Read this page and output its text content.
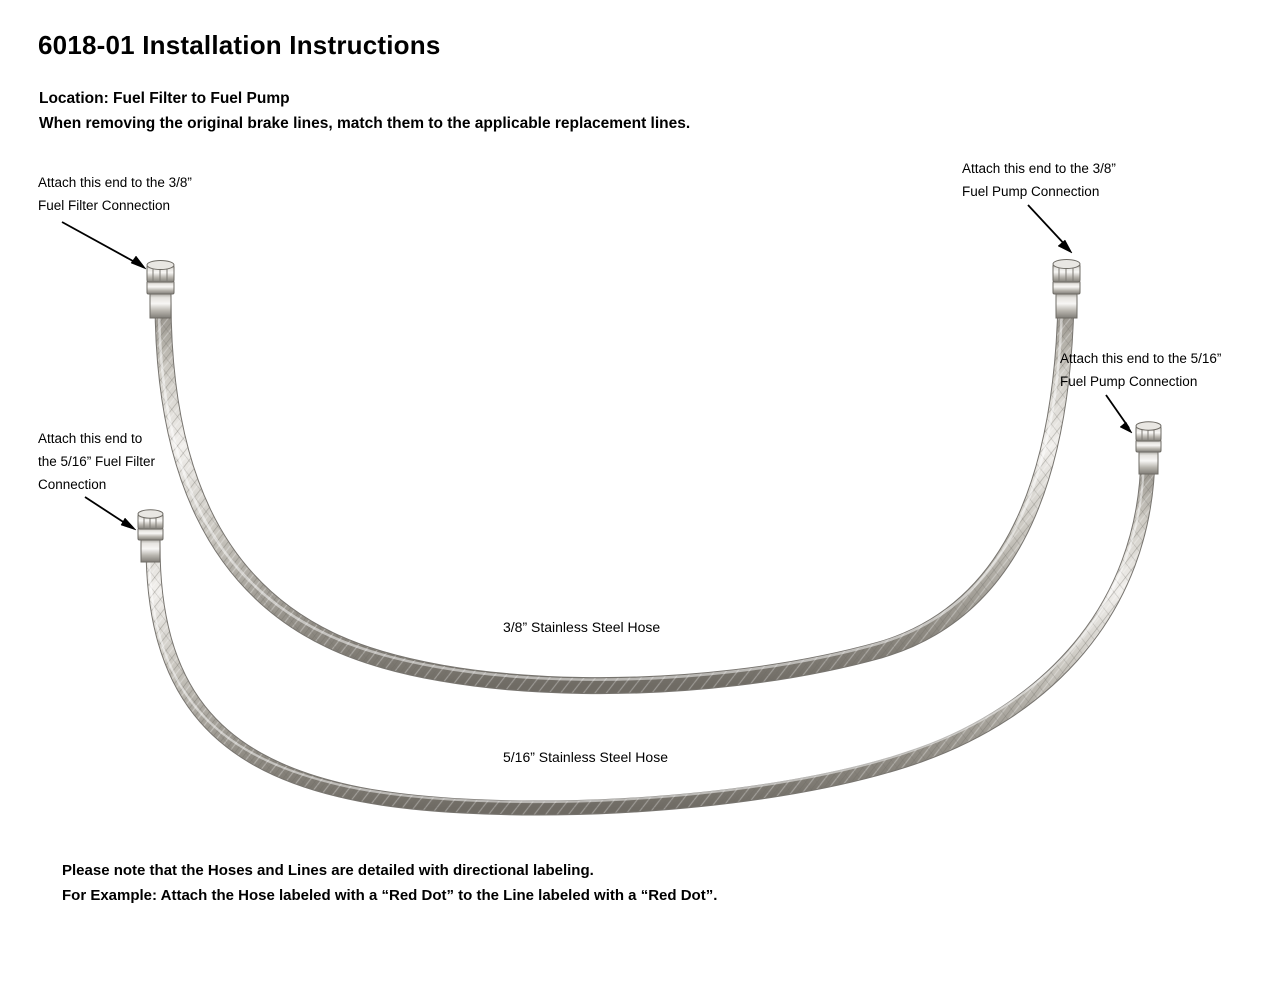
6018-01 Installation Instructions
Location: Fuel Filter to Fuel Pump
When removing the original brake lines, match them to the applicable replacement lines.
Attach this end to the 3/8”
Fuel Filter Connection
Attach this end to the 3/8”
Fuel Pump Connection
Attach this end to the 5/16”
Fuel Pump Connection
Attach this end to
the 5/16” Fuel Filter
Connection
3/8” Stainless Steel Hose
5/16” Stainless Steel Hose
Please note that the Hoses and Lines are detailed with directional labeling.
For Example: Attach the Hose labeled with a “Red Dot” to the Line labeled with a “Red Dot”.
